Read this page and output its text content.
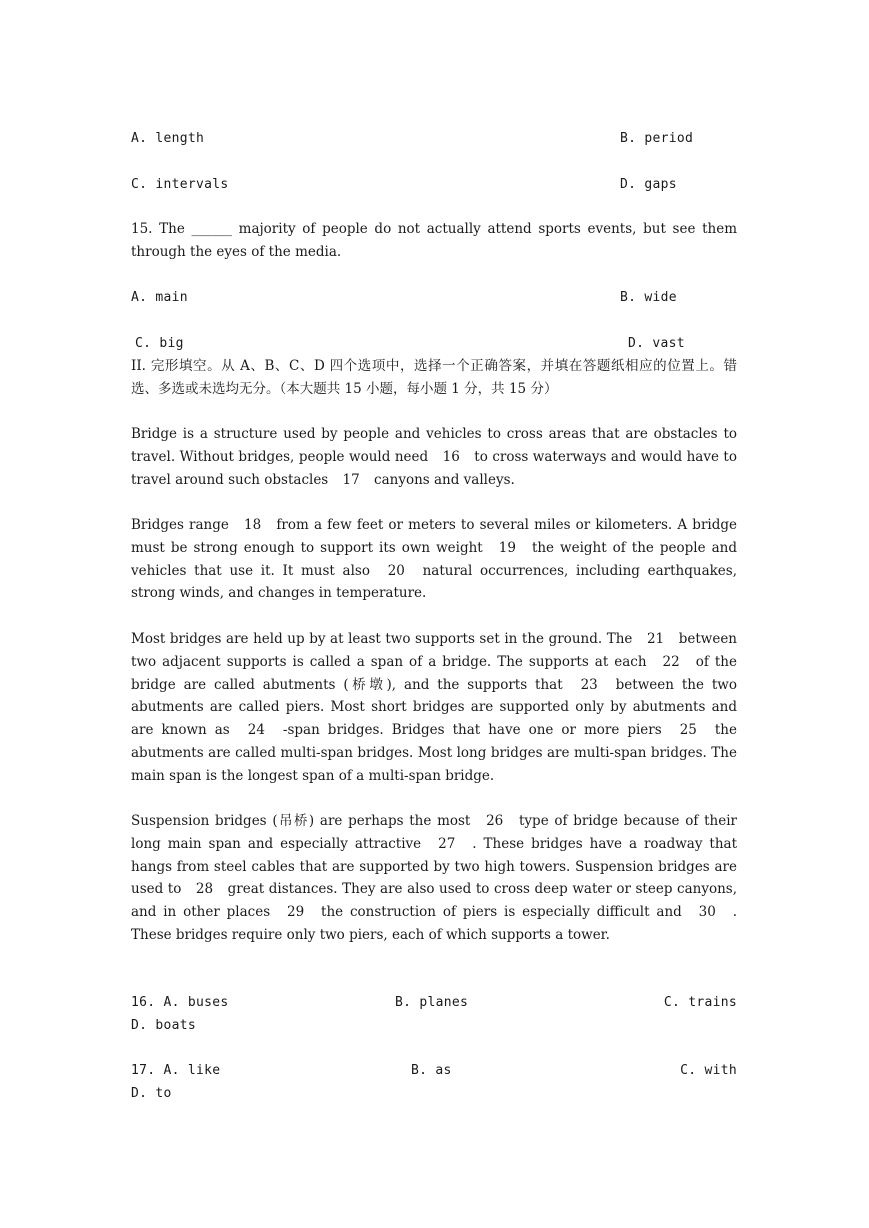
A. length	B. period
C. intervals	D. gaps
15. The ______ majority of people do not actually attend sports events, but see them through the eyes of the media.
A. main	B. wide
C. big	D. vast
II. 完形填空。从 A、B、C、D 四个选项中，选择一个正确答案，并填在答题纸相应的位置上。错选、多选或未选均无分。（本大题共 15 小题，每小题 1 分，共 15 分）
Bridge is a structure used by people and vehicles to cross areas that are obstacles to travel. Without bridges, people would need 16 to cross waterways and would have to travel around such obstacles 17 canyons and valleys.
Bridges range 18 from a few feet or meters to several miles or kilometers. A bridge must be strong enough to support its own weight 19 the weight of the people and vehicles that use it. It must also 20 natural occurrences, including earthquakes, strong winds, and changes in temperature.
Most bridges are held up by at least two supports set in the ground. The 21 between two adjacent supports is called a span of a bridge. The supports at each 22 of the bridge are called abutments (桥墩), and the supports that 23 between the two abutments are called piers. Most short bridges are supported only by abutments and are known as 24 -span bridges. Bridges that have one or more piers 25 the abutments are called multi-span bridges. Most long bridges are multi-span bridges. The main span is the longest span of a multi-span bridge.
Suspension bridges (吊桥) are perhaps the most 26 type of bridge because of their long main span and especially attractive 27 . These bridges have a roadway that hangs from steel cables that are supported by two high towers. Suspension bridges are used to 28 great distances. They are also used to cross deep water or steep canyons, and in other places 29 the construction of piers is especially difficult and 30 . These bridges require only two piers, each of which supports a tower.
16. A. buses	B. planes	C. trains
D. boats
17. A. like	B. as	C. with
D. to
